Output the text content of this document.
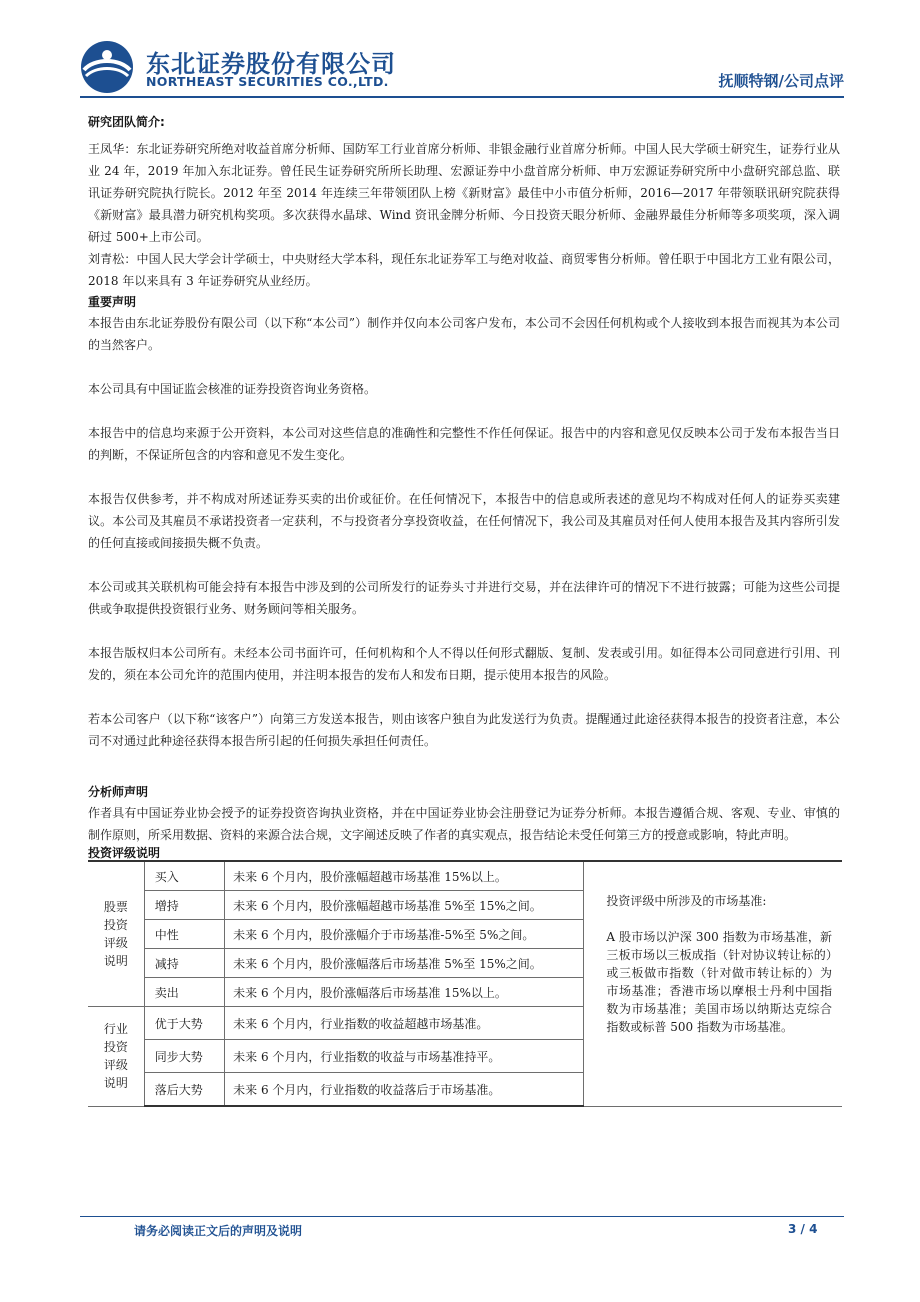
东北证券股份有限公司
NORTHEAST SECURITIES CO.,LTD.	抚顺特钢/公司点评
研究团队简介:

王凤华：东北证券研究所绝对收益首席分析师、国防军工行业首席分析师、非银金融行业首席分析师。中国人民大学硕士研究生，证券行业从业 24 年，2019 年加入东北证券。曾任民生证券研究所所长助理、宏源证券中小盘首席分析师、申万宏源证券研究所中小盘研究部总监、联讯证券研究院执行院长。2012 年至 2014 年连续三年带领团队上榜《新财富》最佳中小市值分析师，2016—2017 年带领联讯研究院获得《新财富》最具潜力研究机构奖项。多次获得水晶球、Wind 资讯金牌分析师、今日投资天眼分析师、金融界最佳分析师等多项奖项，深入调研过 500+上市公司。

刘青松：中国人民大学会计学硕士，中央财经大学本科，现任东北证券军工与绝对收益、商贸零售分析师。曾任职于中国北方工业有限公司，2018 年以来具有 3 年证券研究从业经历。

重要声明

本报告由东北证券股份有限公司（以下称“本公司”）制作并仅向本公司客户发布，本公司不会因任何机构或个人接收到本报告而视其为本公司的当然客户。

本公司具有中国证监会核准的证券投资咨询业务资格。

本报告中的信息均来源于公开资料，本公司对这些信息的准确性和完整性不作任何保证。报告中的内容和意见仅反映本公司于发布本报告当日的判断，不保证所包含的内容和意见不发生变化。

本报告仅供参考，并不构成对所述证券买卖的出价或征价。在任何情况下，本报告中的信息或所表述的意见均不构成对任何人的证券买卖建议。本公司及其雇员不承诺投资者一定获利，不与投资者分享投资收益，在任何情况下，我公司及其雇员对任何人使用本报告及其内容所引发的任何直接或间接损失概不负责。

本公司或其关联机构可能会持有本报告中涉及到的公司所发行的证券头寸并进行交易，并在法律许可的情况下不进行披露；可能为这些公司提供或争取提供投资银行业务、财务顾问等相关服务。

本报告版权归本公司所有。未经本公司书面许可，任何机构和个人不得以任何形式翻版、复制、发表或引用。如征得本公司同意进行引用、刊发的，须在本公司允许的范围内使用，并注明本报告的发布人和发布日期，提示使用本报告的风险。

若本公司客户（以下称“该客户”）向第三方发送本报告，则由该客户独自为此发送行为负责。提醒通过此途径获得本报告的投资者注意，本公司不对通过此种途径获得本报告所引起的任何损失承担任何责任。

分析师声明

作者具有中国证券业协会授予的证券投资咨询执业资格，并在中国证券业协会注册登记为证券分析师。本报告遵循合规、客观、专业、审慎的制作原则，所采用数据、资料的来源合法合规，文字阐述反映了作者的真实观点，报告结论未受任何第三方的授意或影响，特此声明。

投资评级说明
股票投资评级说明	买入	未来 6 个月内，股价涨幅超越市场基准 15%以上。	投资评级中所涉及的市场基准:
A 股市场以沪深 300 指数为市场基准，新三板市场以三板成指（针对协议转让标的）或三板做市指数（针对做市转让标的）为市场基准；香港市场以摩根士丹利中国指数为市场基准；美国市场以纳斯达克综合指数或标普 500 指数为市场基准。

	增持	未来 6 个月内，股价涨幅超越市场基准 5%至 15%之间。	
	中性	未来 6 个月内，股价涨幅介于市场基准-5%至 5%之间。	
	减持	未来 6 个月内，股价涨幅落后市场基准 5%至 15%之间。	
	卖出	未来 6 个月内，股价涨幅落后市场基准 15%以上。	
行业投资评级说明	优于大势	未来 6 个月内，行业指数的收益超越市场基准。	
	同步大势	未来 6 个月内，行业指数的收益与市场基准持平。	
	落后大势	未来 6 个月内，行业指数的收益落后于市场基准。	
请务必阅读正文后的声明及说明	3 / 4
